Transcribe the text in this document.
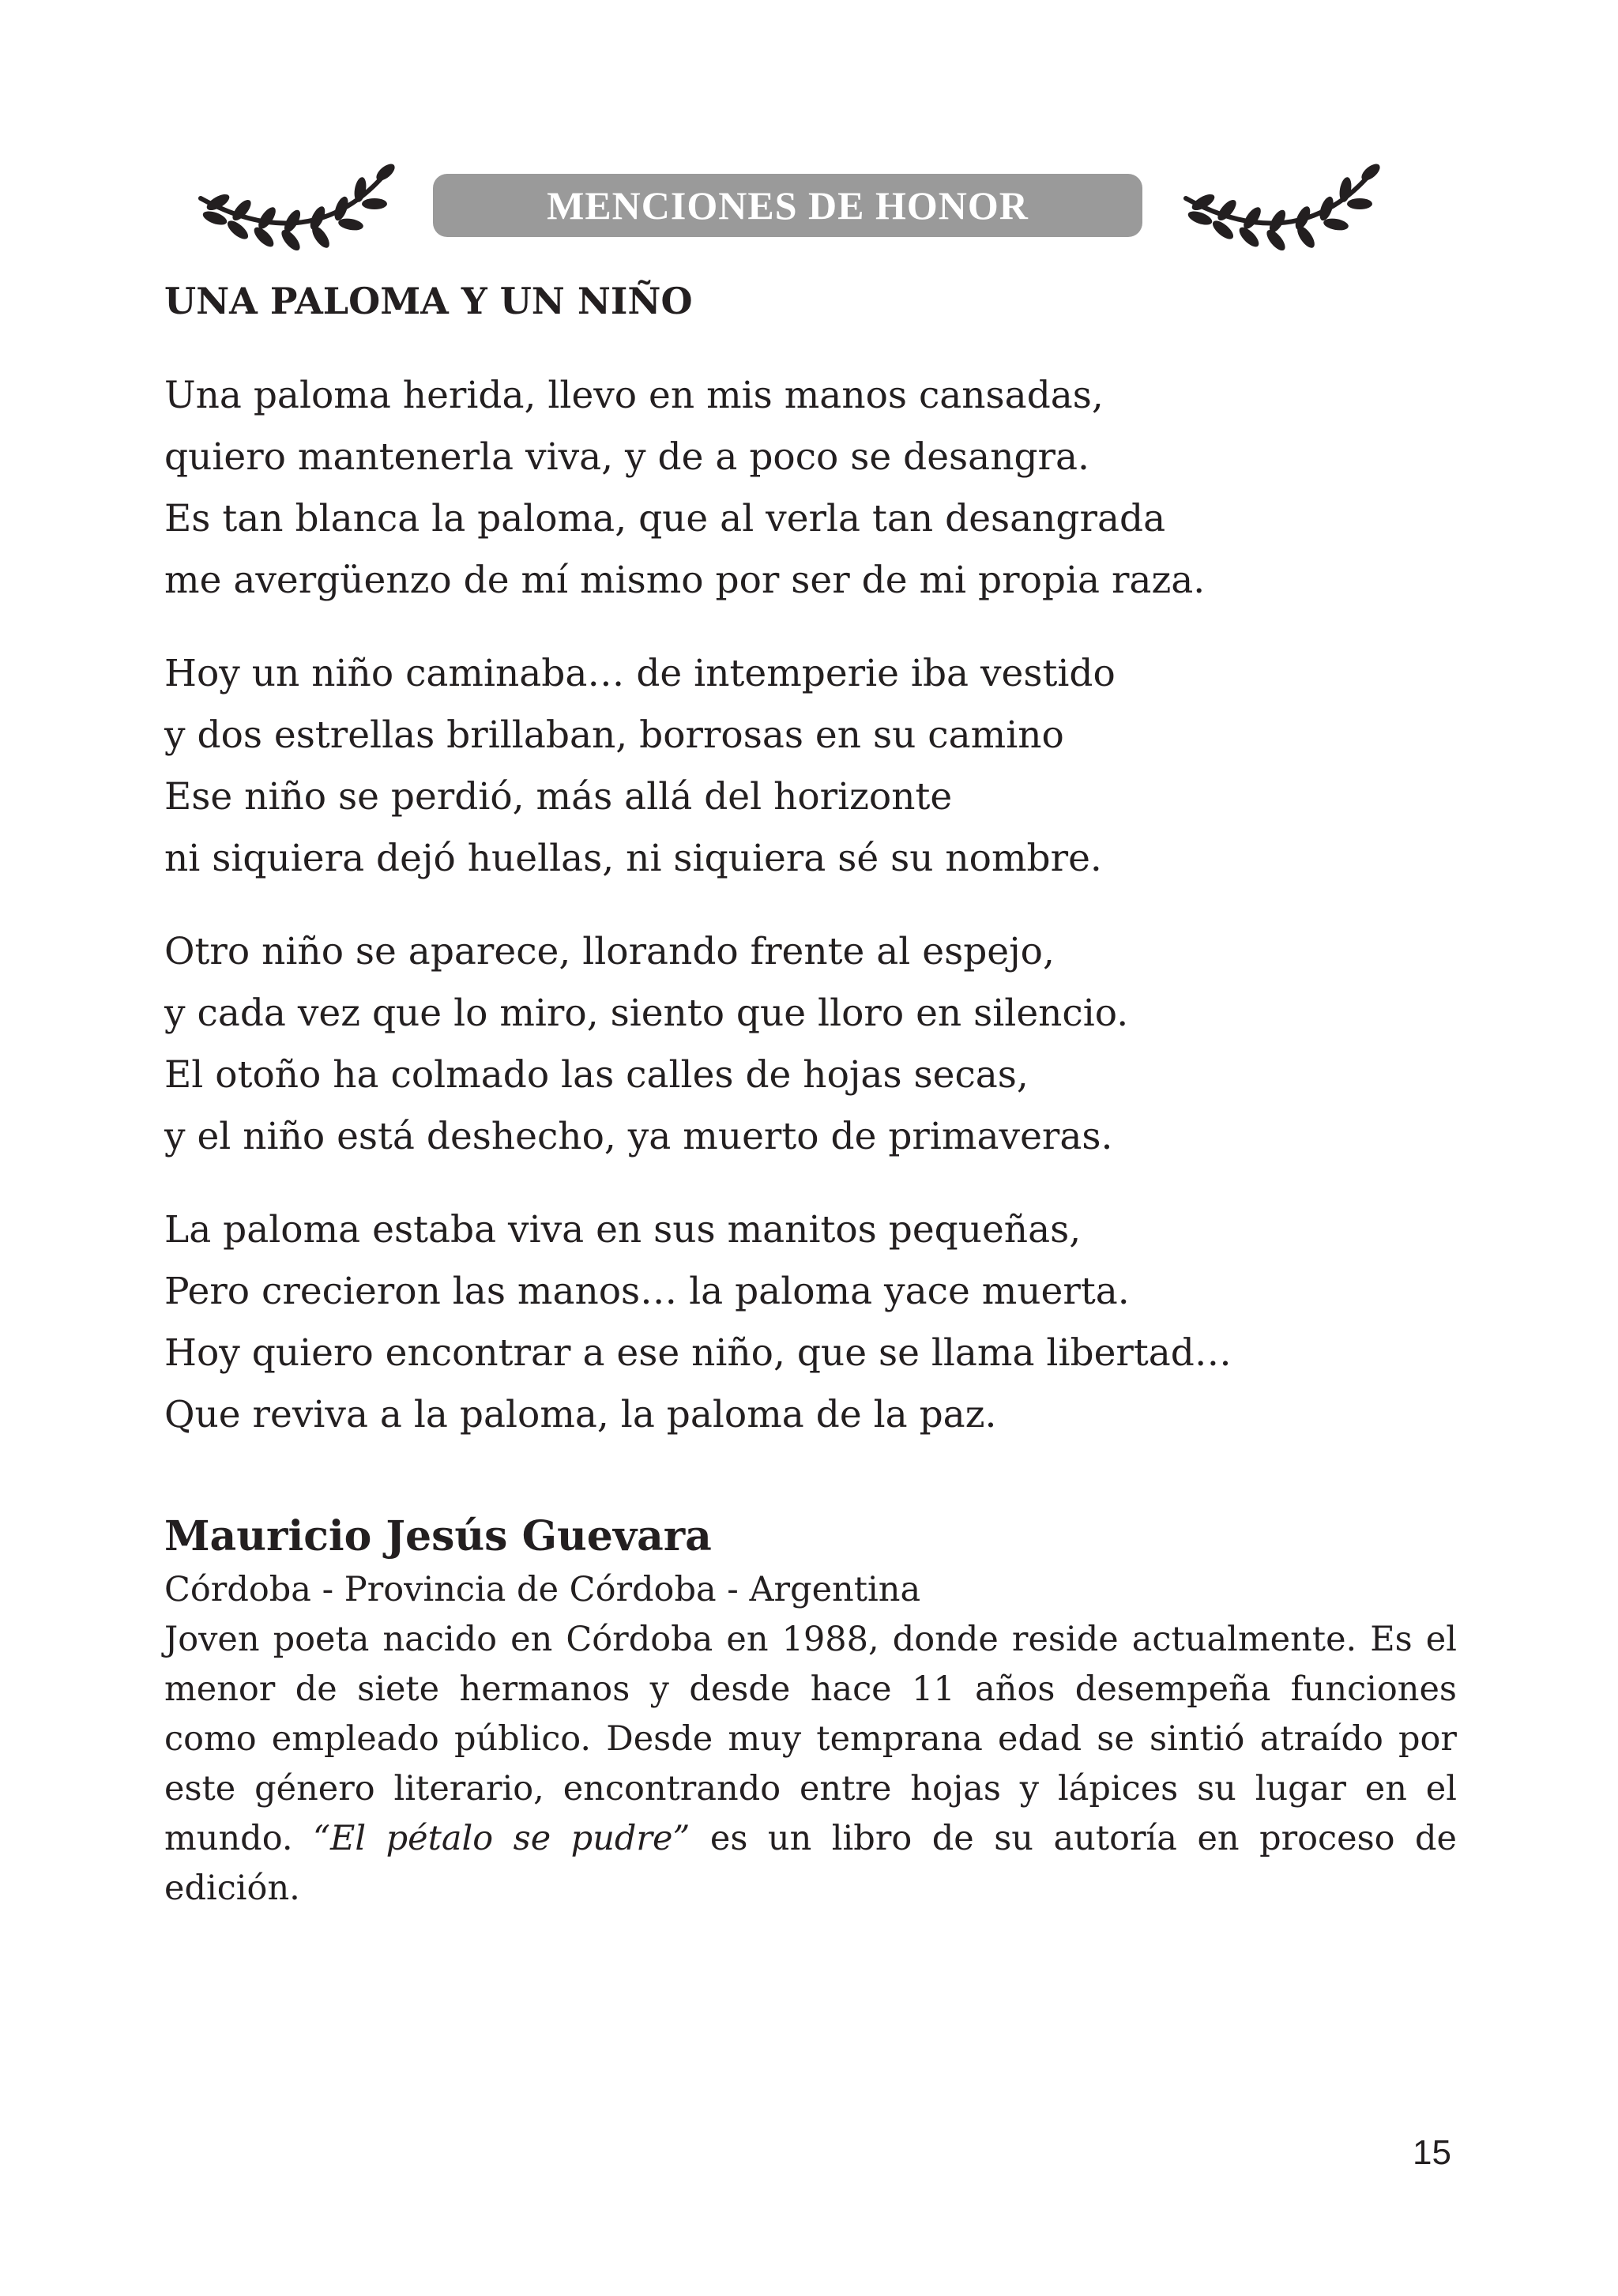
MENCIONES DE HONOR
UNA PALOMA Y UN NIÑO
Una paloma herida, llevo en mis manos cansadas,
quiero mantenerla viva, y de a poco se desangra.
Es tan blanca la paloma, que al verla tan desangrada
me avergüenzo de mí mismo por ser de mi propia raza.
Hoy un niño caminaba… de intemperie iba vestido
y dos estrellas brillaban, borrosas en su camino
Ese niño se perdió, más allá del horizonte
ni siquiera dejó huellas, ni siquiera sé su nombre.
Otro niño se aparece, llorando frente al espejo,
y cada vez que lo miro, siento que lloro en silencio.
El otoño ha colmado las calles de hojas secas,
y el niño está deshecho, ya muerto de primaveras.
La paloma estaba viva en sus manitos pequeñas,
Pero crecieron las manos… la paloma yace muerta.
Hoy quiero encontrar a ese niño, que se llama libertad…
Que reviva a la paloma, la paloma de la paz.

Mauricio Jesús Guevara

Córdoba - Provincia de Córdoba - Argentina

Joven poeta nacido en Córdoba en 1988, donde reside actualmente. Es el menor de siete hermanos y desde hace 11 años desempeña funciones como empleado público. Desde muy temprana edad se sintió atraído por este género literario, encontrando entre hojas y lápices su lugar en el mundo. “El pétalo se pudre” es un libro de su autoría en proceso de edición.

15
